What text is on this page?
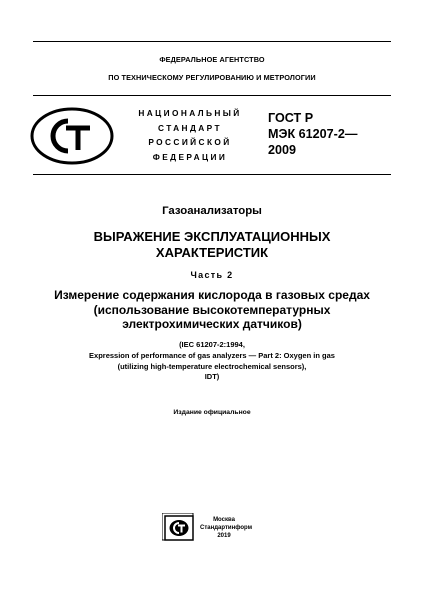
ФЕДЕРАЛЬНОЕ АГЕНТСТВО
ПО ТЕХНИЧЕСКОМУ РЕГУЛИРОВАНИЮ И МЕТРОЛОГИИ
НАЦИОНАЛЬНЫЙ
СТАНДАРТ
РОССИЙСКОЙ
ФЕДЕРАЦИИ
ГОСТ Р
МЭК 61207-2—
2009
Газоанализаторы
ВЫРАЖЕНИЕ ЭКСПЛУАТАЦИОННЫХ
ХАРАКТЕРИСТИК
Часть 2
Измерение содержания кислорода в газовых средах
(использование высокотемпературных
электрохимических датчиков)
(IEC 61207-2:1994,
Expression of performance of gas analyzers — Part 2: Oxygen in gas
(utilizing high-temperature electrochemical sensors),
IDT)
Издание официальное
Москва
Стандартинформ
2019
